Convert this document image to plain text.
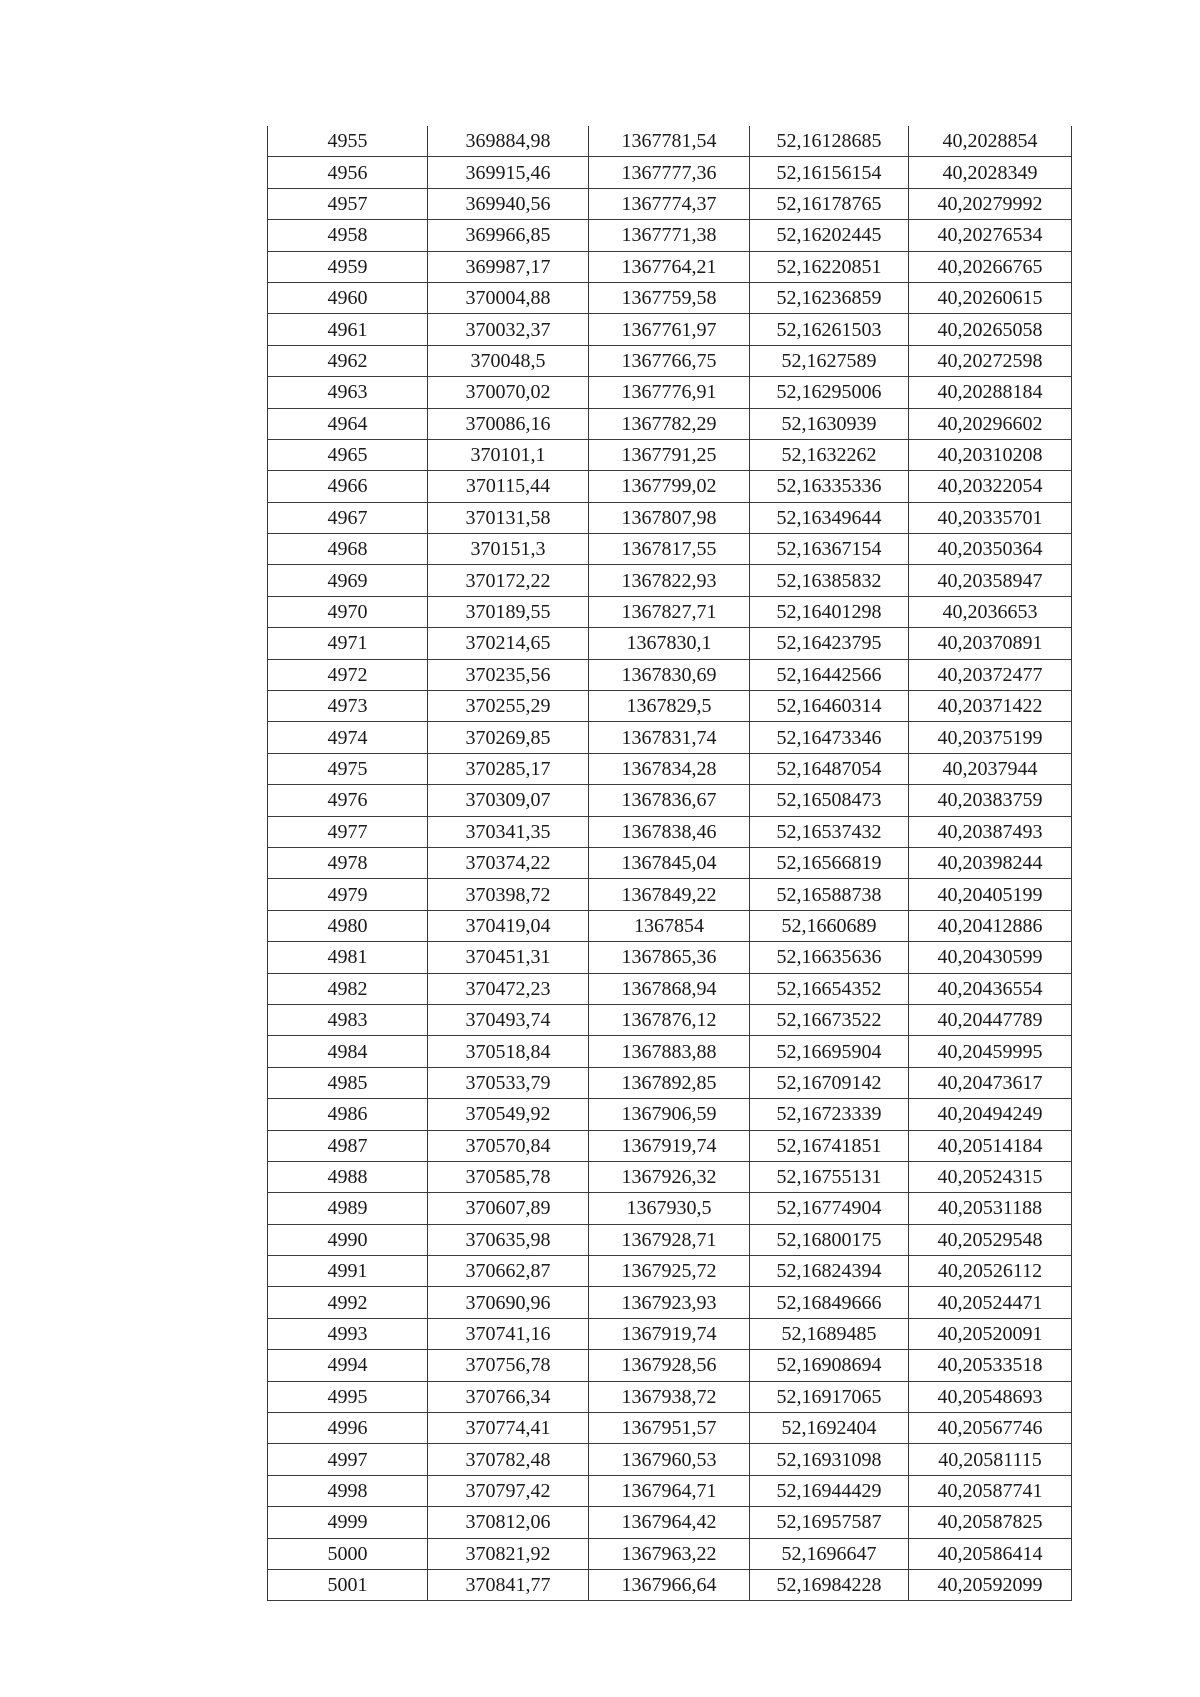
4955	369884,98	1367781,54	52,16128685	40,2028854
4956	369915,46	1367777,36	52,16156154	40,2028349
4957	369940,56	1367774,37	52,16178765	40,20279992
4958	369966,85	1367771,38	52,16202445	40,20276534
4959	369987,17	1367764,21	52,16220851	40,20266765
4960	370004,88	1367759,58	52,16236859	40,20260615
4961	370032,37	1367761,97	52,16261503	40,20265058
4962	370048,5	1367766,75	52,1627589	40,20272598
4963	370070,02	1367776,91	52,16295006	40,20288184
4964	370086,16	1367782,29	52,1630939	40,20296602
4965	370101,1	1367791,25	52,1632262	40,20310208
4966	370115,44	1367799,02	52,16335336	40,20322054
4967	370131,58	1367807,98	52,16349644	40,20335701
4968	370151,3	1367817,55	52,16367154	40,20350364
4969	370172,22	1367822,93	52,16385832	40,20358947
4970	370189,55	1367827,71	52,16401298	40,2036653
4971	370214,65	1367830,1	52,16423795	40,20370891
4972	370235,56	1367830,69	52,16442566	40,20372477
4973	370255,29	1367829,5	52,16460314	40,20371422
4974	370269,85	1367831,74	52,16473346	40,20375199
4975	370285,17	1367834,28	52,16487054	40,2037944
4976	370309,07	1367836,67	52,16508473	40,20383759
4977	370341,35	1367838,46	52,16537432	40,20387493
4978	370374,22	1367845,04	52,16566819	40,20398244
4979	370398,72	1367849,22	52,16588738	40,20405199
4980	370419,04	1367854	52,1660689	40,20412886
4981	370451,31	1367865,36	52,16635636	40,20430599
4982	370472,23	1367868,94	52,16654352	40,20436554
4983	370493,74	1367876,12	52,16673522	40,20447789
4984	370518,84	1367883,88	52,16695904	40,20459995
4985	370533,79	1367892,85	52,16709142	40,20473617
4986	370549,92	1367906,59	52,16723339	40,20494249
4987	370570,84	1367919,74	52,16741851	40,20514184
4988	370585,78	1367926,32	52,16755131	40,20524315
4989	370607,89	1367930,5	52,16774904	40,20531188
4990	370635,98	1367928,71	52,16800175	40,20529548
4991	370662,87	1367925,72	52,16824394	40,20526112
4992	370690,96	1367923,93	52,16849666	40,20524471
4993	370741,16	1367919,74	52,1689485	40,20520091
4994	370756,78	1367928,56	52,16908694	40,20533518
4995	370766,34	1367938,72	52,16917065	40,20548693
4996	370774,41	1367951,57	52,1692404	40,20567746
4997	370782,48	1367960,53	52,16931098	40,20581115
4998	370797,42	1367964,71	52,16944429	40,20587741
4999	370812,06	1367964,42	52,16957587	40,20587825
5000	370821,92	1367963,22	52,1696647	40,20586414
5001	370841,77	1367966,64	52,16984228	40,20592099
